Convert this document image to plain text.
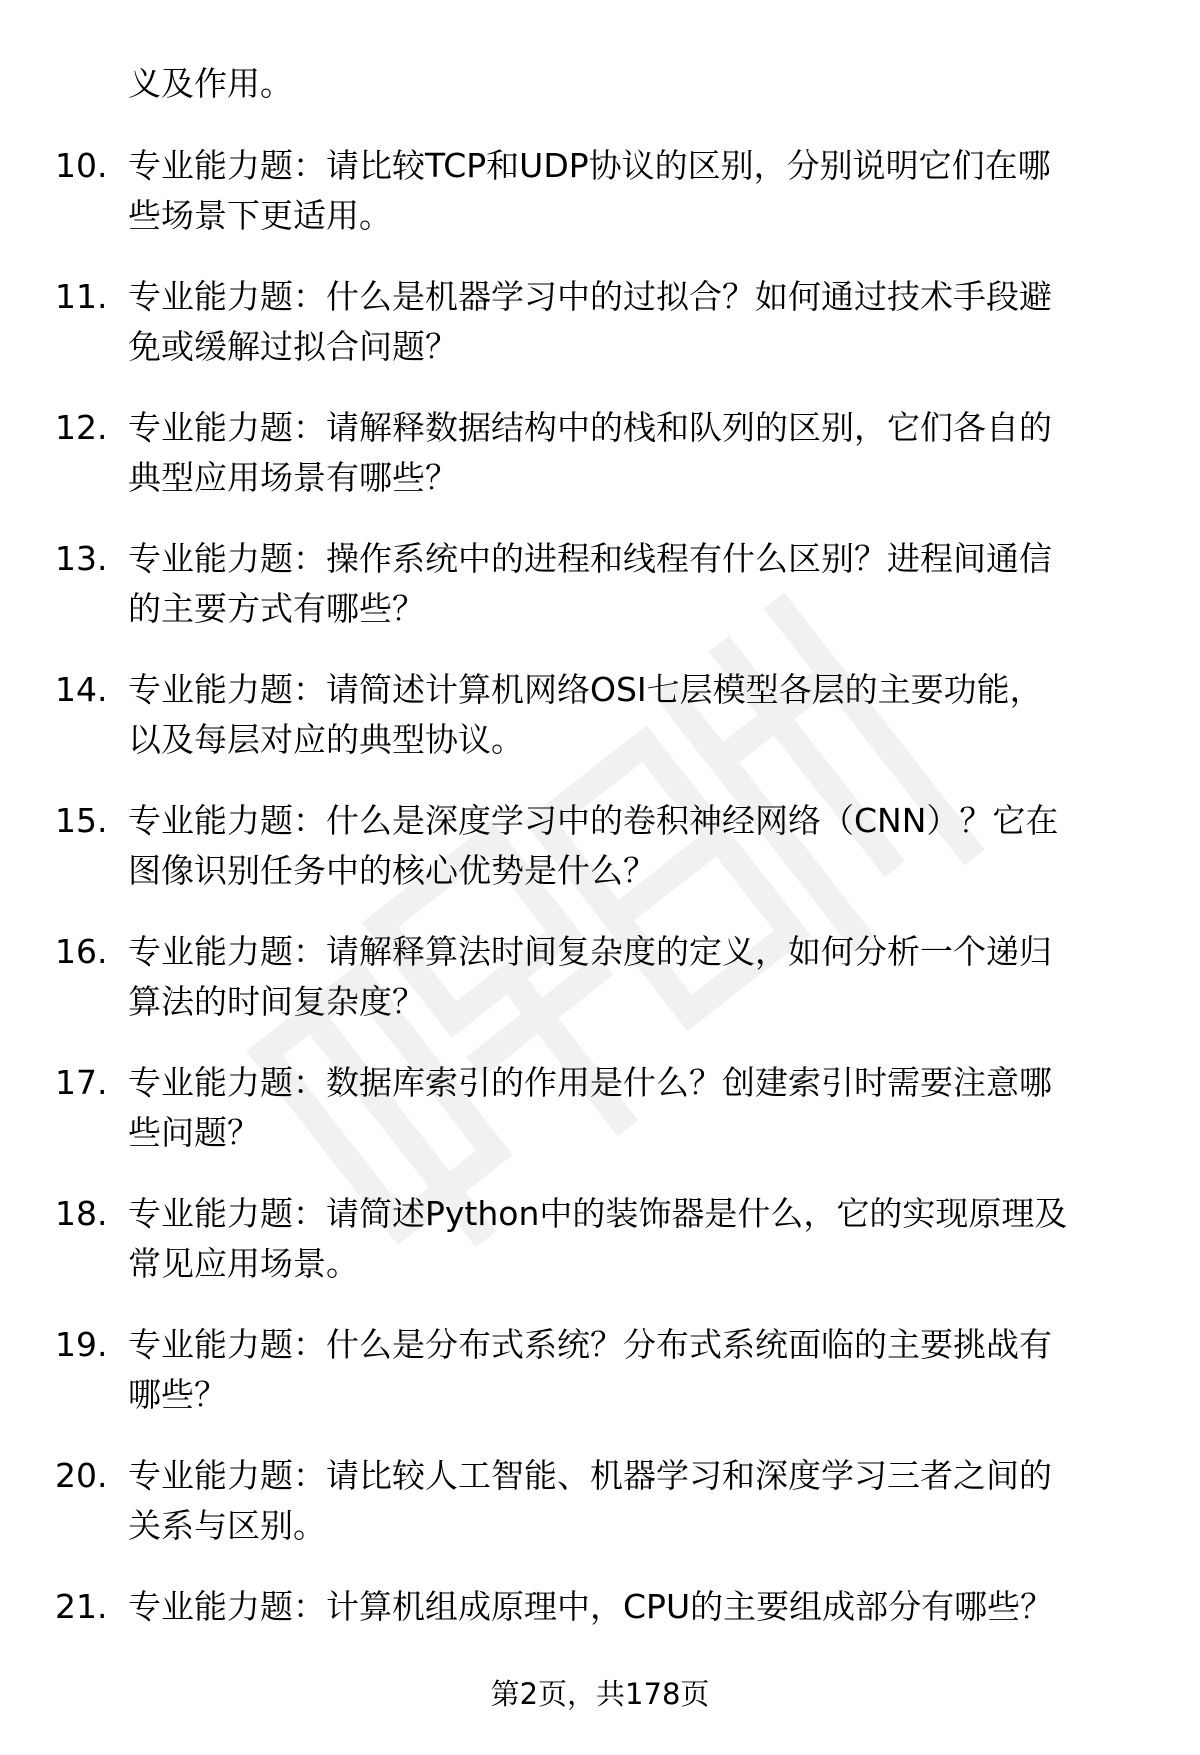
义及作用。

10. 专业能力题：请比较TCP和UDP协议的区别，分别说明它们在哪
些场景下更适用。
11. 专业能力题：什么是机器学习中的过拟合？如何通过技术手段避
免或缓解过拟合问题？
12. 专业能力题：请解释数据结构中的栈和队列的区别，它们各自的
典型应用场景有哪些？
13. 专业能力题：操作系统中的进程和线程有什么区别？进程间通信
的主要方式有哪些？
14. 专业能力题：请简述计算机网络OSI七层模型各层的主要功能，
以及每层对应的典型协议。
15. 专业能力题：什么是深度学习中的卷积神经网络（CNN）？它在
图像识别任务中的核心优势是什么？
16. 专业能力题：请解释算法时间复杂度的定义，如何分析一个递归
算法的时间复杂度？
17. 专业能力题：数据库索引的作用是什么？创建索引时需要注意哪
些问题？
18. 专业能力题：请简述Python中的装饰器是什么，它的实现原理及
常见应用场景。
19. 专业能力题：什么是分布式系统？分布式系统面临的主要挑战有
哪些？
20. 专业能力题：请比较人工智能、机器学习和深度学习三者之间的
关系与区别。
21. 专业能力题：计算机组成原理中，CPU的主要组成部分有哪些？
第2页，共178页
